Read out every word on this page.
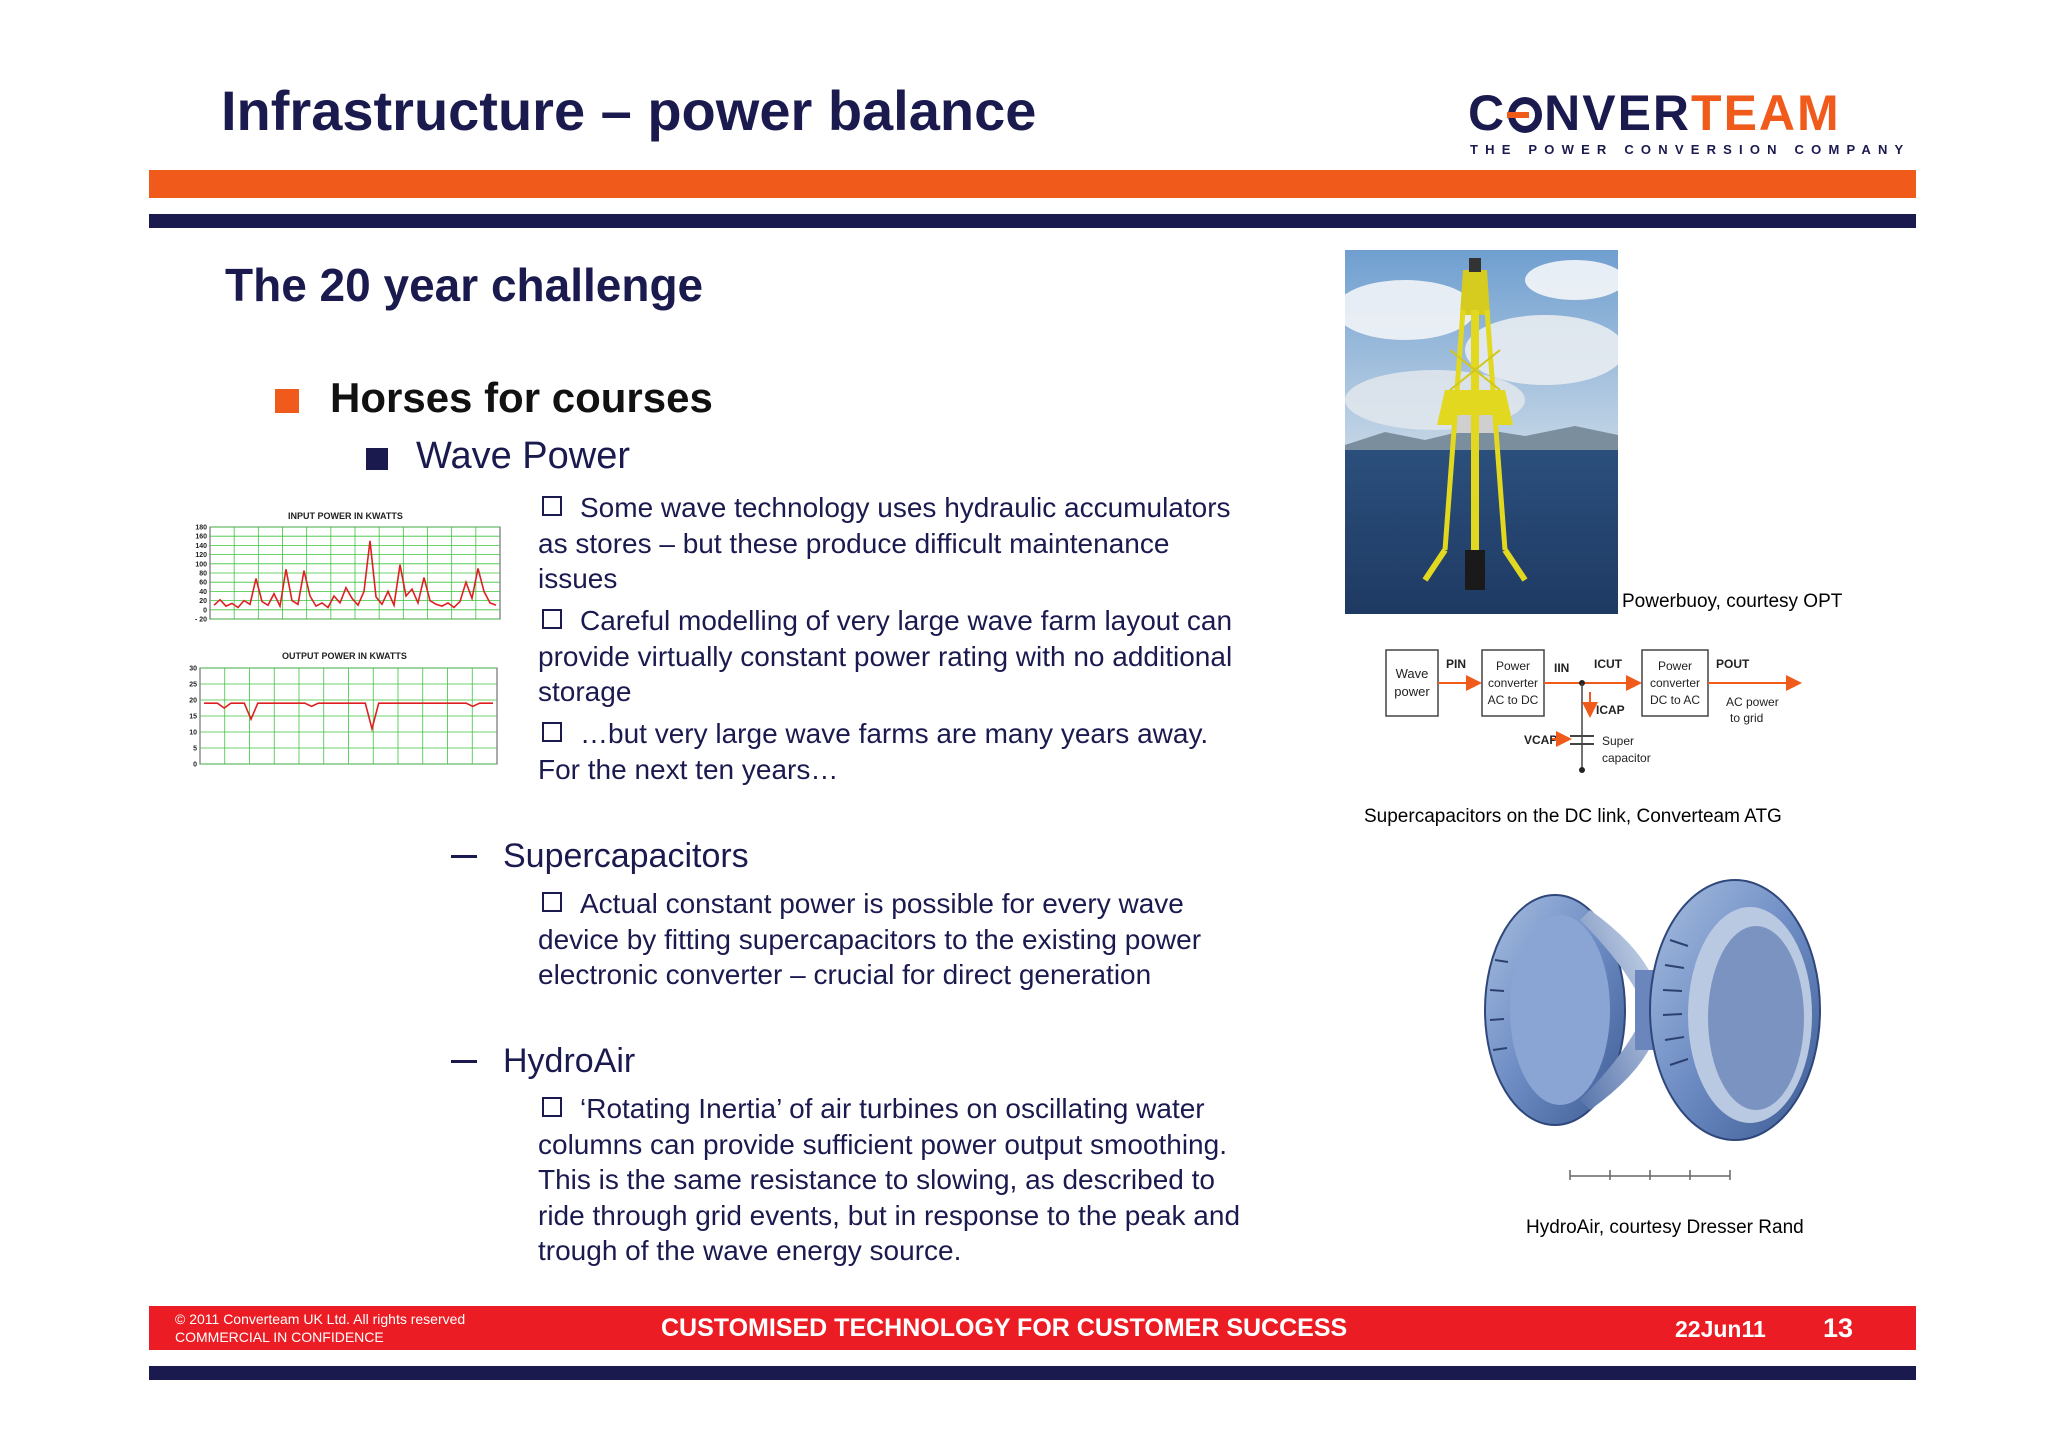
Infrastructure – power balance	C NVERTEAM
THE POWER CONVERSION COMPANY
The 20 year challenge
Horses for courses
Wave Power
Some wave technology uses hydraulic accumulators
as stores – but these produce difficult maintenance
issues
Careful modelling of very large wave farm layout can
provide virtually constant power rating with no additional
storage
…but very large wave farms are many years away.
For the next ten years…
Supercapacitors
Actual constant power is possible for every wave
device by fitting supercapacitors to the existing power
electronic converter – crucial for direct generation
HydroAir
‘Rotating Inertia’ of air turbines on oscillating water
columns can provide sufficient power output smoothing.
This is the same resistance to slowing, as described to
ride through grid events, but in response to the peak and
trough of the wave energy source.
INPUT POWER IN KWATTS
180
160
140
120
100
80
60
40
20
0
- 20
OUTPUT POWER IN KWATTS
30
25
20
15
10
5
0
Powerbuoy, courtesy OPT
Wave
power
PIN Power
converter
AC to DC
IIN ICUT
ICAP
VCAP	Super
capacitor
Power
converter
DC to AC
POUT
AC power
to grid
Supercapacitors on the DC link, Converteam ATG
HydroAir, courtesy Dresser Rand
© 2011 Converteam UK Ltd. All rights reserved
COMMERCIAL IN CONFIDENCE	CUSTOMISED TECHNOLOGY FOR CUSTOMER SUCCESS	22Jun11 13
